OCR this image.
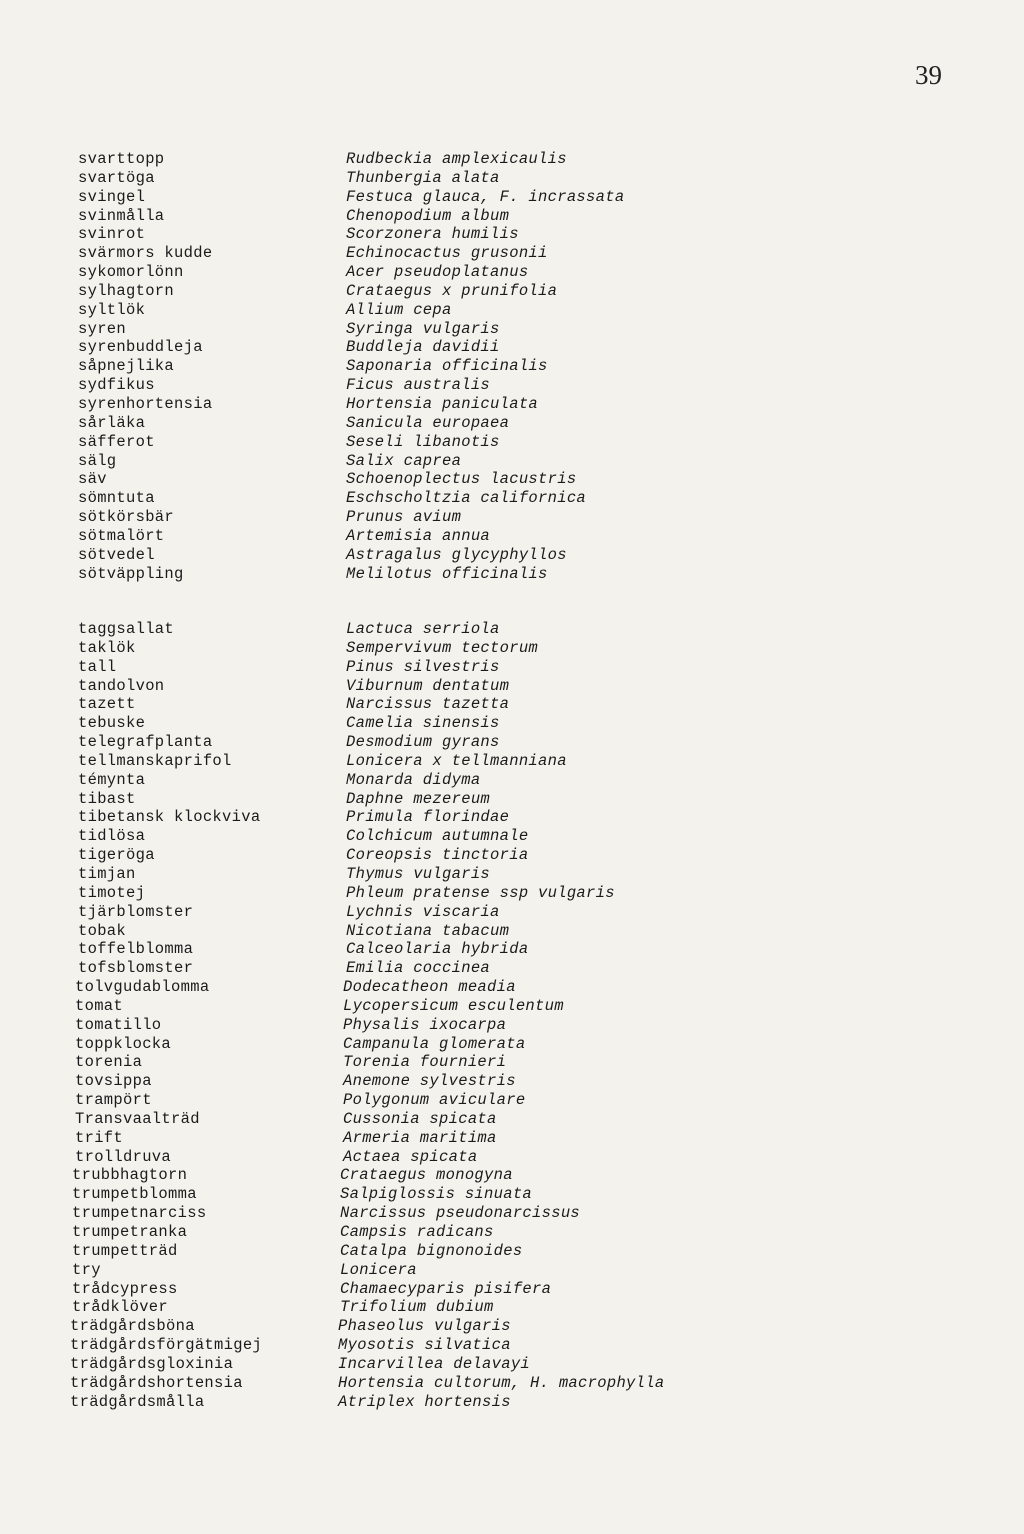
39
svarttopp	Rudbeckia amplexicaulis
svartöga	Thunbergia alata
svingel	Festuca glauca, F. incrassata
svinmålla	Chenopodium album
svinrot	Scorzonera humilis
svärmors kudde	Echinocactus grusonii
sykomorlönn	Acer pseudoplatanus
sylhagtorn	Crataegus x prunifolia
syltlök	Allium cepa
syren	Syringa vulgaris
syrenbuddleja	Buddleja davidii
såpnejlika	Saponaria officinalis
sydfikus	Ficus australis
syrenhortensia	Hortensia paniculata
sårläka	Sanicula europaea
säfferot	Seseli libanotis
sälg	Salix caprea
säv	Schoenoplectus lacustris
sömntuta	Eschscholtzia californica
sötkörsbär	Prunus avium
sötmalört	Artemisia annua
sötvedel	Astragalus glycyphyllos
sötväppling	Melilotus officinalis
taggsallat	Lactuca serriola
taklök	Sempervivum tectorum
tall	Pinus silvestris
tandolvon	Viburnum dentatum
tazett	Narcissus tazetta
tebuske	Camelia sinensis
telegrafplanta	Desmodium gyrans
tellmanskaprifol	Lonicera x tellmanniana
témynta	Monarda didyma
tibast	Daphne mezereum
tibetansk klockviva	Primula florindae
tidlösa	Colchicum autumnale
tigeröga	Coreopsis tinctoria
timjan	Thymus vulgaris
timotej	Phleum pratense ssp vulgaris
tjärblomster	Lychnis viscaria
tobak	Nicotiana tabacum
toffelblomma	Calceolaria hybrida
tofsblomster	Emilia coccinea
tolvgudablomma	Dodecatheon meadia
tomat	Lycopersicum esculentum
tomatillo	Physalis ixocarpa
toppklocka	Campanula glomerata
torenia	Torenia fournieri
tovsippa	Anemone sylvestris
trampört	Polygonum aviculare
Transvaalträd	Cussonia spicata
trift	Armeria maritima
trolldruva	Actaea spicata
trubbhagtorn	Crataegus monogyna
trumpetblomma	Salpiglossis sinuata
trumpetnarciss	Narcissus pseudonarcissus
trumpetranka	Campsis radicans
trumpetträd	Catalpa bignonoides
try	Lonicera
trådcypress	Chamaecyparis pisifera
trådklöver	Trifolium dubium
trädgårdsböna	Phaseolus vulgaris
trädgårdsförgätmigej	Myosotis silvatica
trädgårdsgloxinia	Incarvillea delavayi
trädgårdshortensia	Hortensia cultorum, H. macrophylla
trädgårdsmålla	Atriplex hortensis
